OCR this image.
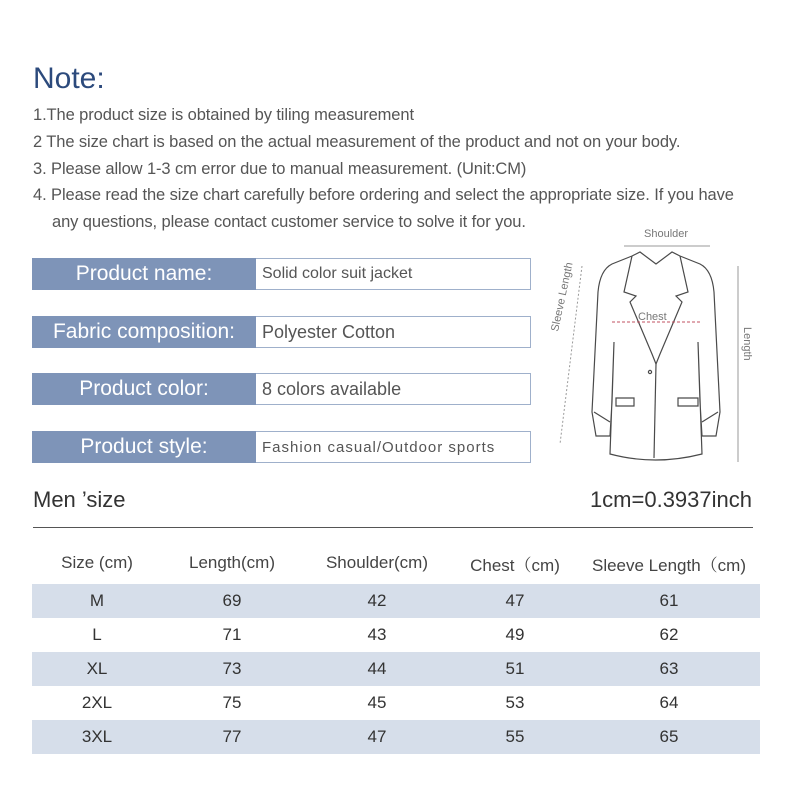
Note:
1.The product size is obtained by tiling measurement
2 The size chart is based on the actual measurement of the product and not on your body.
3. Please allow 1-3 cm error due to manual measurement. (Unit:CM)
4. Please read the size chart carefully before ordering and select the appropriate size. If you have
any questions, please contact customer service to solve it for you.
Product name:	Solid color suit jacket
Fabric composition:	Polyester Cotton
Product color:	8 colors available
Product style:	Fashion casual/Outdoor sports
Shoulder
Chest
Sleeve Length
Length
Men ’size	1cm=0.3937inch
Size (cm)	Length(cm)	Shoulder(cm)	Chest（cm)	Sleeve Length（cm)
M	69	42	47	61
L	71	43	49	62
XL	73	44	51	63
2XL	75	45	53	64
3XL	77	47	55	65
